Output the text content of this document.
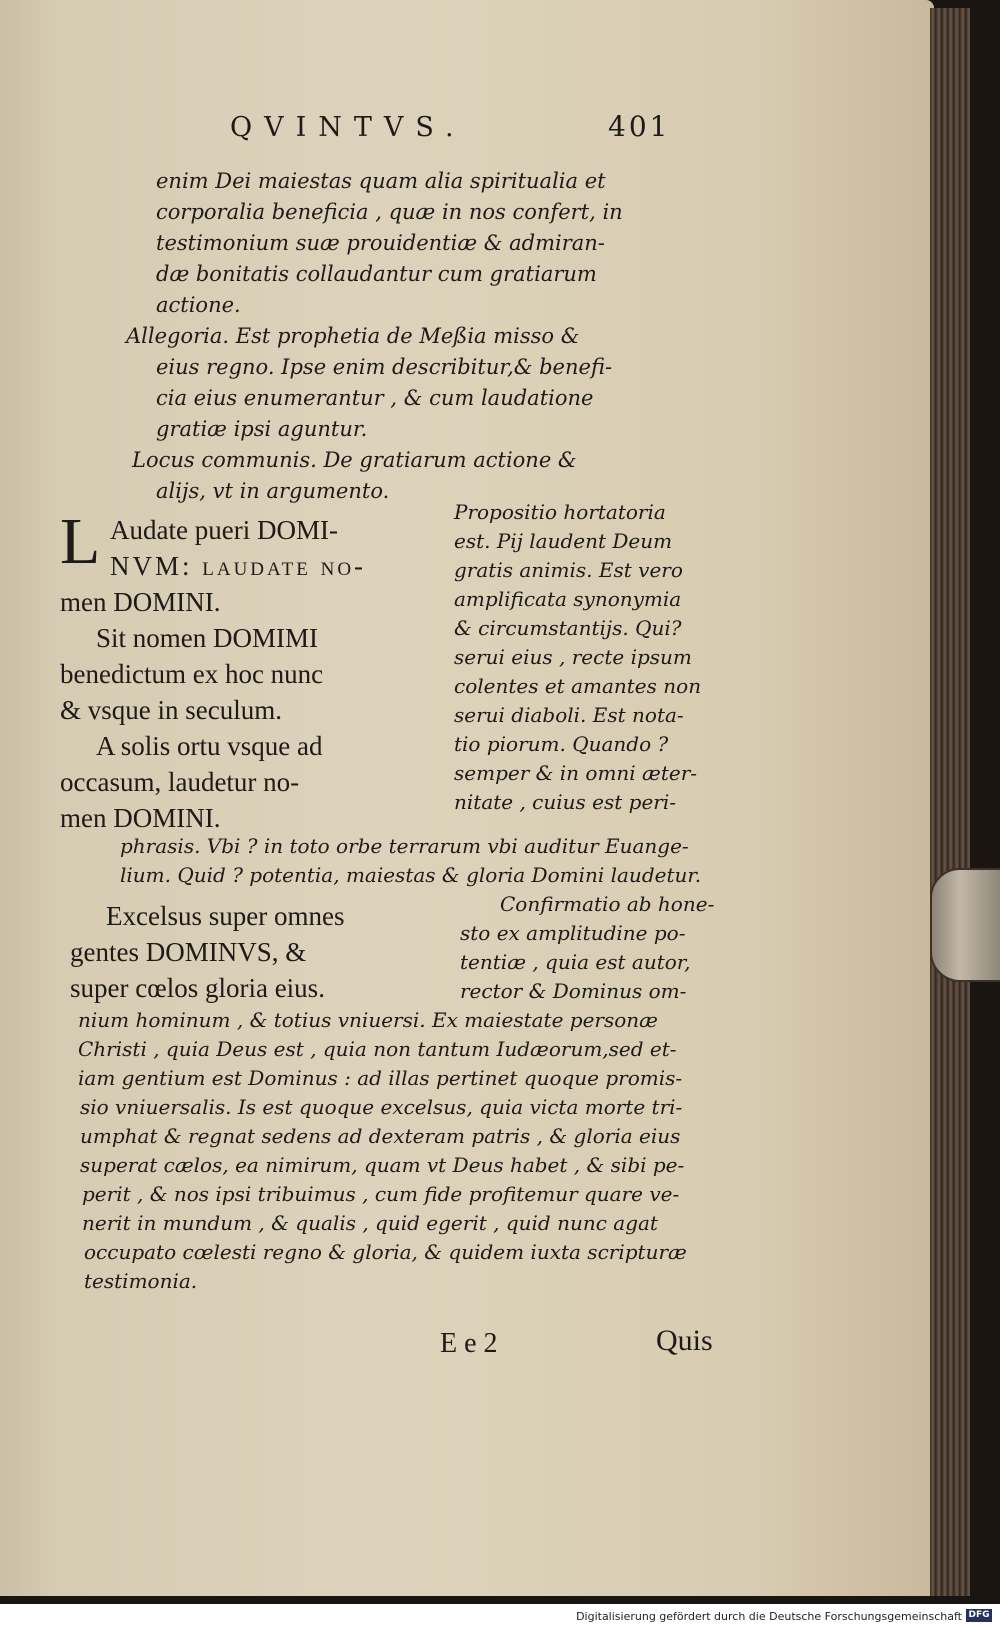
QVINTVS.	401

enim Dei maiestas quam alia spiritualia et

corporalia beneficia , quæ in nos confert, in

testimonium suæ prouidentiæ & admiran-

dæ bonitatis collaudantur cum gratiarum

actione.

Allegoria. Est prophetia de Meßia misso &

eius regno. Ipse enim describitur,& benefi-

cia eius enumerantur , & cum laudatione

gratiæ ipsi aguntur.

Locus communis. De gratiarum actione &

alijs, vt in argumento.

L Audate pueri DOMI-
NVM: laudate no-
men DOMINI.
Sit nomen DOMIMI
benedictum ex hoc nunc
& vsque in seculum.
A solis ortu vsque ad
occasum, laudetur no-
men DOMINI.
Propositio hortatoria
est. Pij laudent Deum
gratis animis. Est vero
amplificata synonymia
& circumstantijs. Qui?
serui eius , recte ipsum
colentes et amantes non
serui diaboli. Est nota-
tio piorum. Quando ?
semper & in omni æter-
nitate , cuius est peri-
phrasis. Vbi ? in toto orbe terrarum vbi auditur Euange-
lium. Quid ? potentia, maiestas & gloria Domini laudetur.
Excelsus super omnes
gentes DOMINVS, &
super cœlos gloria eius.
Confirmatio ab hone-
sto ex amplitudine po-
tentiæ , quia est autor,
rector & Dominus om-
nium hominum , & totius vniuersi. Ex maiestate personæ
Christi , quia Deus est , quia non tantum Iudæorum,sed et-
iam gentium est Dominus : ad illas pertinet quoque promis-
sio vniuersalis. Is est quoque excelsus, quia victa morte tri-
umphat & regnat sedens ad dexteram patris , & gloria eius
superat cælos, ea nimirum, quam vt Deus habet , & sibi pe-
perit , & nos ipsi tribuimus , cum fide profitemur quare ve-
nerit in mundum , & qualis , quid egerit , quid nunc agat
occupato cœlesti regno & gloria, & quidem iuxta scripturæ
testimonia.
E e 2	Quis
Digitalisierung gefördert durch die Deutsche Forschungsgemeinschaft DFG
